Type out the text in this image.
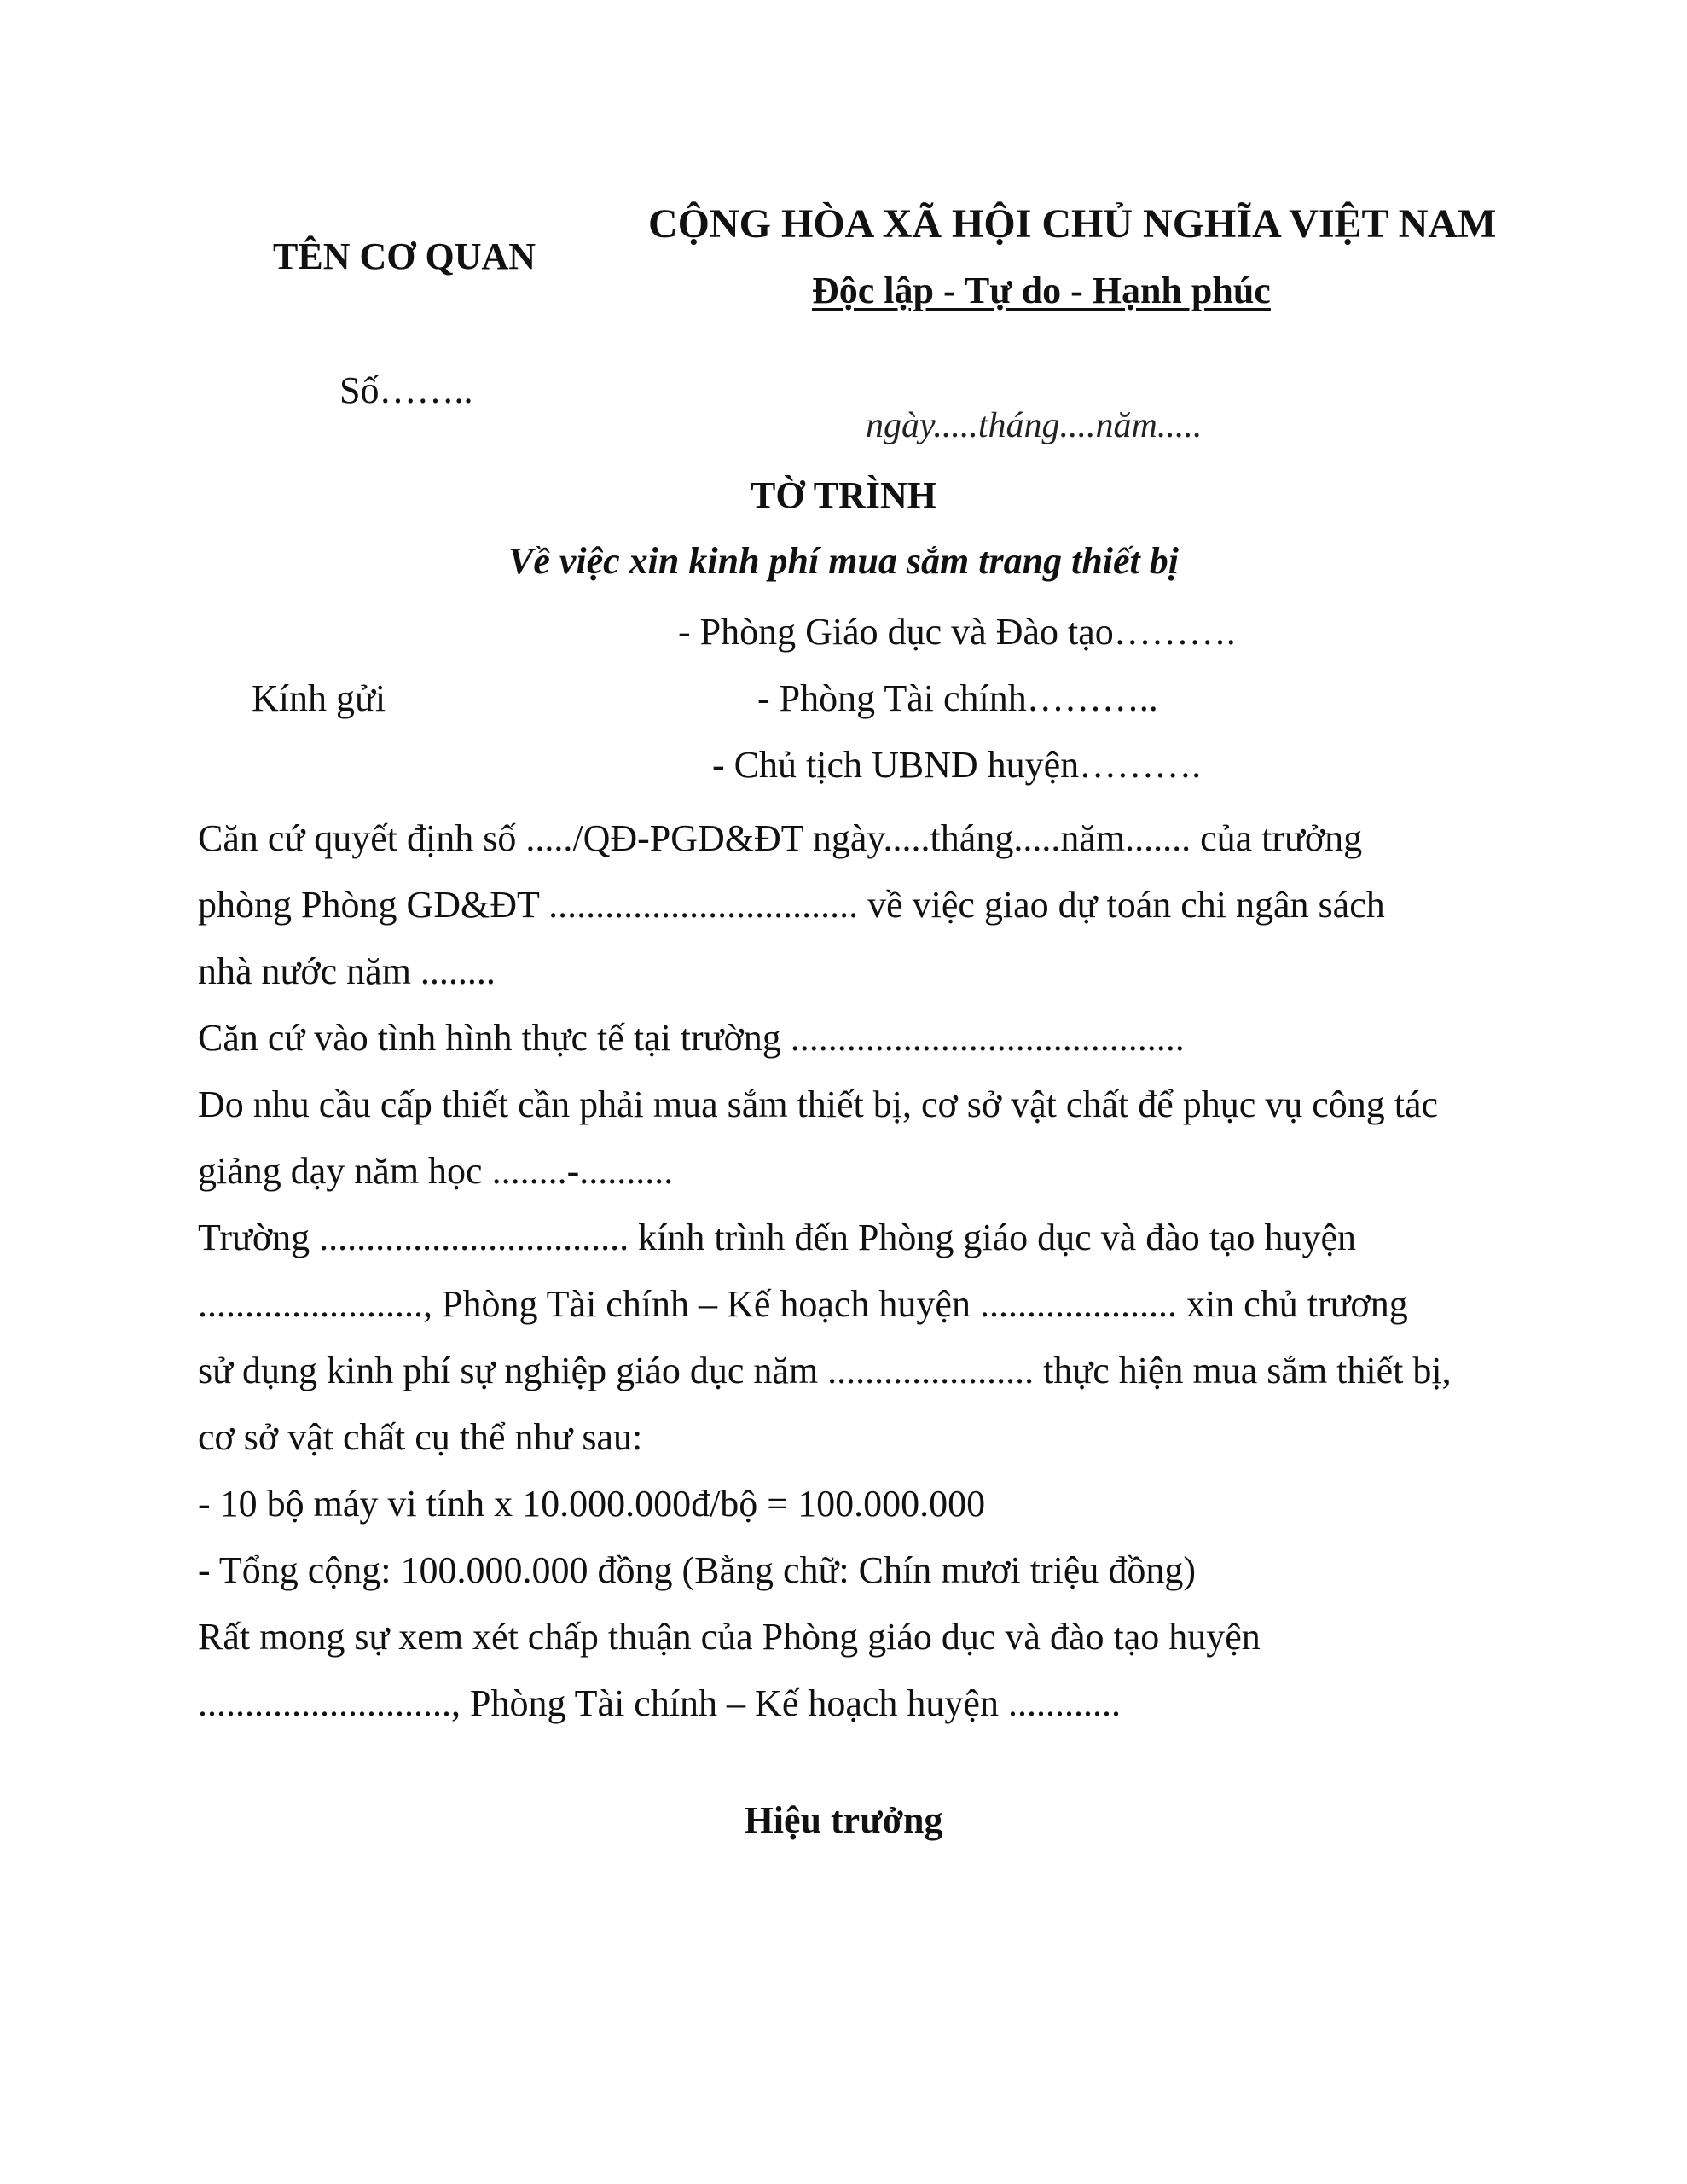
TÊN CƠ QUAN
CỘNG HÒA XÃ HỘI CHỦ NGHĨA VIỆT NAM
Độc lập - Tự do - Hạnh phúc
Số……..
ngày.....tháng....năm.....
TỜ TRÌNH
Về việc xin kinh phí mua sắm trang thiết bị
Kính gửi
- Phòng Giáo dục và Đào tạo……….
- Phòng Tài chính………..
- Chủ tịch UBND huyện……….
Căn cứ quyết định số ...../QĐ-PGD&ĐT ngày.....tháng.....năm....... của trưởng
phòng Phòng GD&ĐT ................................. về việc giao dự toán chi ngân sách
nhà nước năm ........
Căn cứ vào tình hình thực tế tại trường ..........................................
Do nhu cầu cấp thiết cần phải mua sắm thiết bị, cơ sở vật chất để phục vụ công tác
giảng dạy năm học ........-..........
Trường ................................. kính trình đến Phòng giáo dục và đào tạo huyện
........................, Phòng Tài chính – Kế hoạch huyện ..................... xin chủ trương
sử dụng kinh phí sự nghiệp giáo dục năm ...................... thực hiện mua sắm thiết bị,
cơ sở vật chất cụ thể như sau:
- 10 bộ máy vi tính x 10.000.000đ/bộ = 100.000.000
- Tổng cộng: 100.000.000 đồng (Bằng chữ: Chín mươi triệu đồng)
Rất mong sự xem xét chấp thuận của Phòng giáo dục và đào tạo huyện
..........................., Phòng Tài chính – Kế hoạch huyện ............
Hiệu trưởng
